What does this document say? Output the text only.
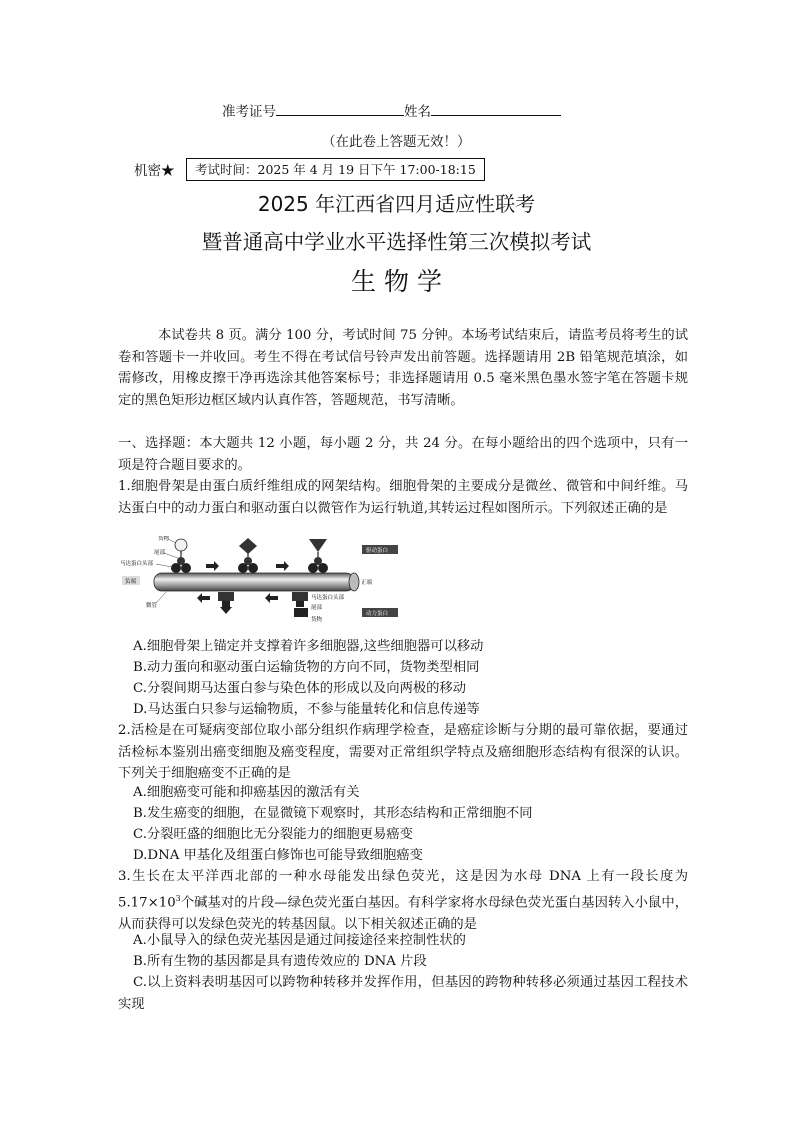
准考证号	姓名
（在此卷上答题无效！）
机密★	考试时间：2025 年 4 月 19 日下午 17:00-18:15
2025 年江西省四月适应性联考
暨普通高中学业水平选择性第三次模拟考试
生 物 学

本试卷共 8 页。满分 100 分，考试时间 75 分钟。本场考试结束后，请监考员将考生的试卷和答题卡一并收回。考生不得在考试信号铃声发出前答题。选择题请用 2B 铅笔规范填涂，如需修改，用橡皮擦干净再选涂其他答案标号；非选择题请用 0.5 毫米黑色墨水签字笔在答题卡规定的黑色矩形边框区域内认真作答，答题规范，书写清晰。

一、选择题：本大题共 12 小题，每小题 2 分，共 24 分。在每小题给出的四个选项中，只有一项是符合题目要求的。

1.细胞骨架是由蛋白质纤维组成的网架结构。细胞骨架的主要成分是微丝、微管和中间纤维。马达蛋白中的动力蛋白和驱动蛋白以微管作为运行轨道,其转运过程如图所示。下列叙述正确的是

货物
尾部
马达蛋白头部
负端
微管
正端
驱动蛋白
马达蛋白头部
尾部
货物
动力蛋白
A.细胞骨架上锚定并支撑着许多细胞器,这些细胞器可以移动
B.动力蛋向和驱动蛋白运输货物的方向不同，货物类型相同
C.分裂间期马达蛋白参与染色体的形成以及向两极的移动
D.马达蛋白只参与运输物质，不参与能量转化和信息传递等

2.活检是在可疑病变部位取小部分组织作病理学检查，是癌症诊断与分期的最可靠依据，要通过活检标本鉴别出癌变细胞及癌变程度，需要对正常组织学特点及癌细胞形态结构有很深的认识。下列关于细胞癌变不正确的是

A.细胞癌变可能和抑癌基因的激活有关
B.发生癌变的细胞，在显微镜下观察时，其形态结构和正常细胞不同
C.分裂旺盛的细胞比无分裂能力的细胞更易癌变
D.DNA 甲基化及组蛋白修饰也可能导致细胞癌变

3.生长在太平洋西北部的一种水母能发出绿色荧光，这是因为水母 DNA 上有一段长度为 $5.17\times 10^3$个碱基对的片段—绿色荧光蛋白基因。有科学家将水母绿色荧光蛋白基因转入小鼠中，从而获得可以发绿色荧光的转基因鼠。以下相关叙述正确的是

A.小鼠导入的绿色荧光基因是通过间接途径来控制性状的
B.所有生物的基因都是具有遗传效应的 DNA 片段

C.以上资料表明基因可以跨物种转移并发挥作用，但基因的跨物种转移必须通过基因工程技术实现
